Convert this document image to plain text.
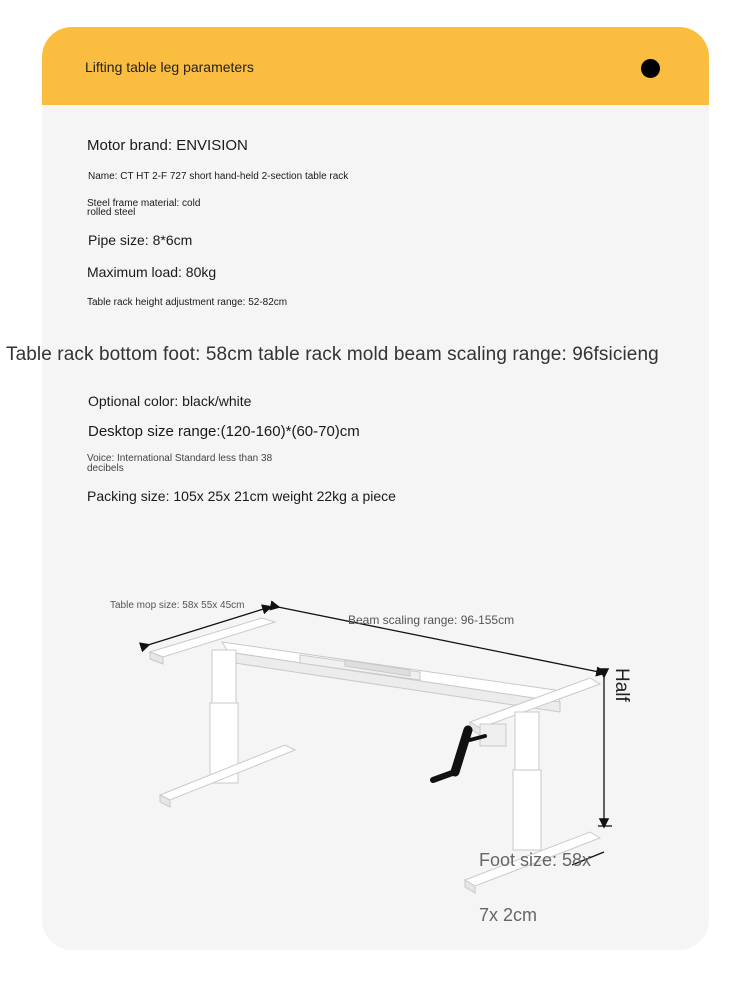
Lifting table leg parameters
Motor brand: ENVISION
Name: CT HT 2-F 727 short hand-held 2-section table rack
Steel frame material: cold
rolled steel
Pipe size: 8*6cm
Maximum load: 80kg
Table rack height adjustment range: 52-82cm
Table rack bottom foot: 58cm table rack mold beam scaling range: 96fsicieng
Optional color: black/white
Desktop size range:(120-160)*(60-70)cm
Voice: International Standard less than 38
decibels
Packing size: 105x 25x 21cm weight 22kg a piece
Table mop size: 58x 55x 45cm
Beam scaling range: 96-155cm
Half
Foot size: 58x
7x 2cm
